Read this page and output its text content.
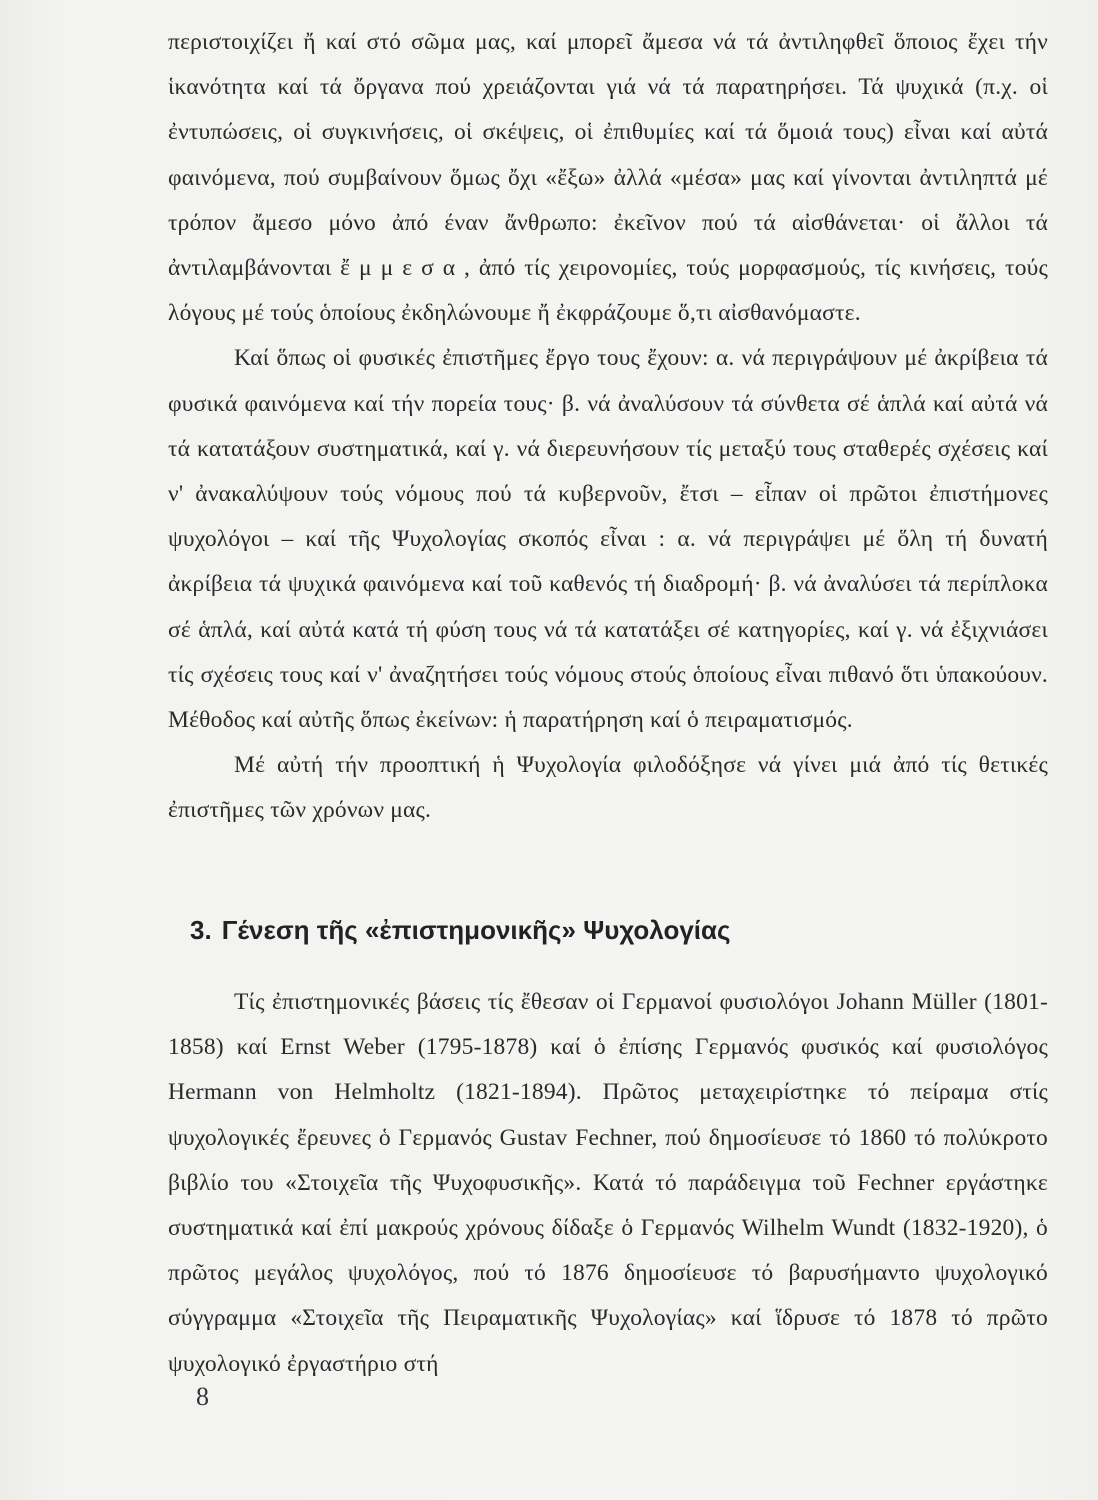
περιστοιχίζει ἤ καί στό σῶμα μας, καί μπορεῖ ἄμεσα νά τά ἀντιληφθεῖ ὅποιος ἔχει τήν ἱκανότητα καί τά ὄργανα πού χρειάζονται γιά νά τά παρατηρήσει. Τά ψυχικά (π.χ. οἱ ἐντυπώσεις, οἱ συγκινήσεις, οἱ σκέψεις, οἱ ἐπιθυμίες καί τά ὅμοιά τους) εἶναι καί αὐτά φαινόμενα, πού συμβαίνουν ὅμως ὄχι «ἔξω» ἀλλά «μέσα» μας καί γίνονται ἀντιληπτά μέ τρόπον ἄμεσο μόνο ἀπό έναν ἄνθρωπο: ἐκεῖνον πού τά αἰσθάνεται· οἱ ἄλλοι τά ἀντιλαμβάνονται ἔ μ μ ε σ α , ἀπό τίς χειρονομίες, τούς μορφασμούς, τίς κινήσεις, τούς λόγους μέ τούς ὁποίους ἐκδηλώνουμε ἤ ἐκφράζουμε ὅ,τι αἰσθανόμαστε.

Καί ὅπως οἱ φυσικές ἐπιστῆμες ἔργο τους ἔχουν: α. νά περιγράψουν μέ ἀκρίβεια τά φυσικά φαινόμενα καί τήν πορεία τους· β. νά ἀναλύσουν τά σύνθετα σέ ἁπλά καί αὐτά νά τά κατατάξουν συστηματικά, καί γ. νά διερευνήσουν τίς μεταξύ τους σταθερές σχέσεις καί ν' ἀνακαλύψουν τούς νόμους πού τά κυβερνοῦν, ἔτσι – εἶπαν οἱ πρῶτοι ἐπιστήμονες ψυχολόγοι – καί τῆς Ψυχολογίας σκοπός εἶναι : α. νά περιγράψει μέ ὅλη τή δυνατή ἀκρίβεια τά ψυχικά φαινόμενα καί τοῦ καθενός τή διαδρομή· β. νά ἀναλύσει τά περίπλοκα σέ ἁπλά, καί αὐτά κατά τή φύση τους νά τά κατατάξει σέ κατηγορίες, καί γ. νά ἐξιχνιάσει τίς σχέσεις τους καί ν' ἀναζητήσει τούς νόμους στούς ὁποίους εἶναι πιθανό ὅτι ὑπακούουν. Μέθοδος καί αὐτῆς ὅπως ἐκείνων: ἡ παρατήρηση καί ὁ πειραματισμός.

Μέ αὐτή τήν προοπτική ἡ Ψυχολογία φιλοδόξησε νά γίνει μιά ἀπό τίς θετικές ἐπιστῆμες τῶν χρόνων μας.

3. Γένεση τῆς «ἐπιστημονικῆς» Ψυχολογίας

Τίς ἐπιστημονικές βάσεις τίς ἔθεσαν οἱ Γερμανοί φυσιολόγοι Johann Müller (1801-1858) καί Ernst Weber (1795-1878) καί ὁ ἐπίσης Γερμανός φυσικός καί φυσιολόγος Hermann von Helmholtz (1821-1894). Πρῶτος μεταχειρίστηκε τό πείραμα στίς ψυχολογικές ἔρευνες ὁ Γερμανός Gustav Fechner, πού δημοσίευσε τό 1860 τό πολύκροτο βιβλίο του «Στοιχεῖα τῆς Ψυχοφυσικῆς». Κατά τό παράδειγμα τοῦ Fechner εργάστηκε συστηματικά καί ἐπί μακρούς χρόνους δίδαξε ὁ Γερμανός Wilhelm Wundt (1832-1920), ὁ πρῶτος μεγάλος ψυχολόγος, πού τό 1876 δημοσίευσε τό βαρυσήμαντο ψυχολογικό σύγγραμμα «Στοιχεῖα τῆς Πειραματικῆς Ψυχολογίας» καί ἵδρυσε τό 1878 τό πρῶτο ψυχολογικό ἐργαστήριο στή

8
